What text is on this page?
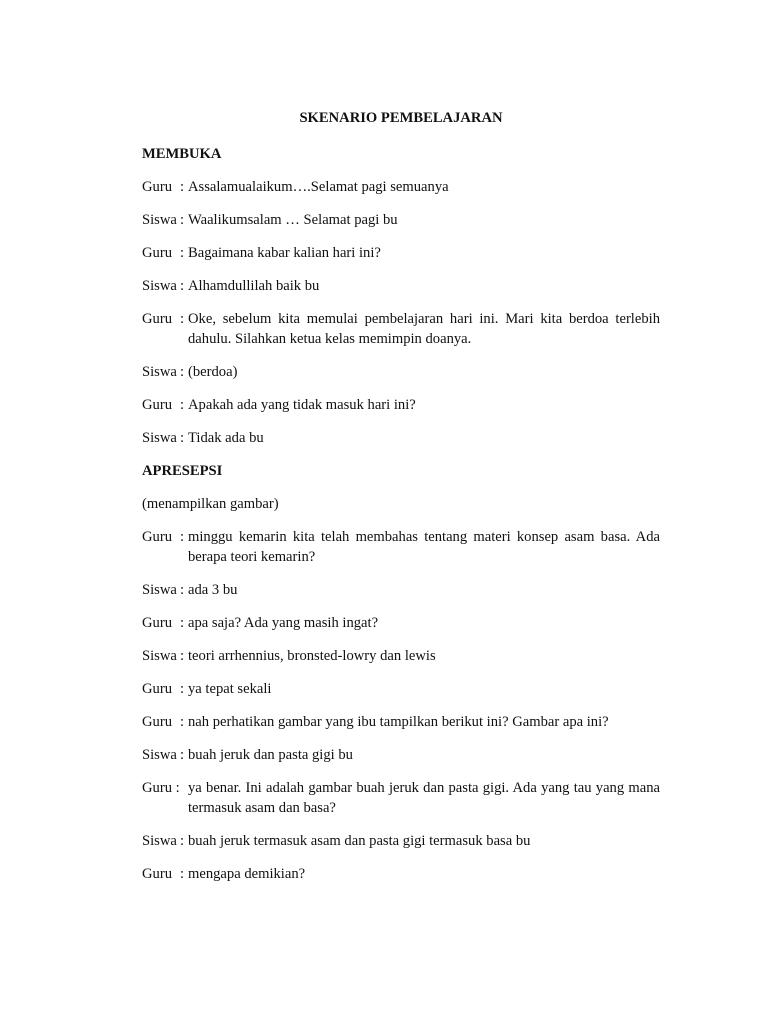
SKENARIO PEMBELAJARAN
MEMBUKA
Guru : Assalamualaikum….Selamat pagi semuanya
Siswa : Waalikumsalam … Selamat pagi bu
Guru : Bagaimana kabar kalian hari ini?
Siswa : Alhamdullilah baik bu
Guru : Oke, sebelum kita memulai pembelajaran hari ini. Mari kita berdoa terlebih dahulu. Silahkan ketua kelas memimpin doanya.
Siswa : (berdoa)
Guru : Apakah ada yang tidak masuk hari ini?
Siswa : Tidak ada bu
APRESEPSI
(menampilkan gambar)
Guru : minggu kemarin kita telah membahas tentang materi konsep asam basa. Ada berapa teori kemarin?
Siswa : ada 3 bu
Guru : apa saja? Ada yang masih ingat?
Siswa : teori arrhennius, bronsted-lowry dan lewis
Guru : ya tepat sekali
Guru : nah perhatikan gambar yang ibu tampilkan berikut ini? Gambar apa ini?
Siswa : buah jeruk dan pasta gigi bu
Guru : ya benar. Ini adalah gambar buah jeruk dan pasta gigi. Ada yang tau yang mana termasuk asam dan basa?
Siswa : buah jeruk termasuk asam dan pasta gigi termasuk basa bu
Guru : mengapa demikian?
